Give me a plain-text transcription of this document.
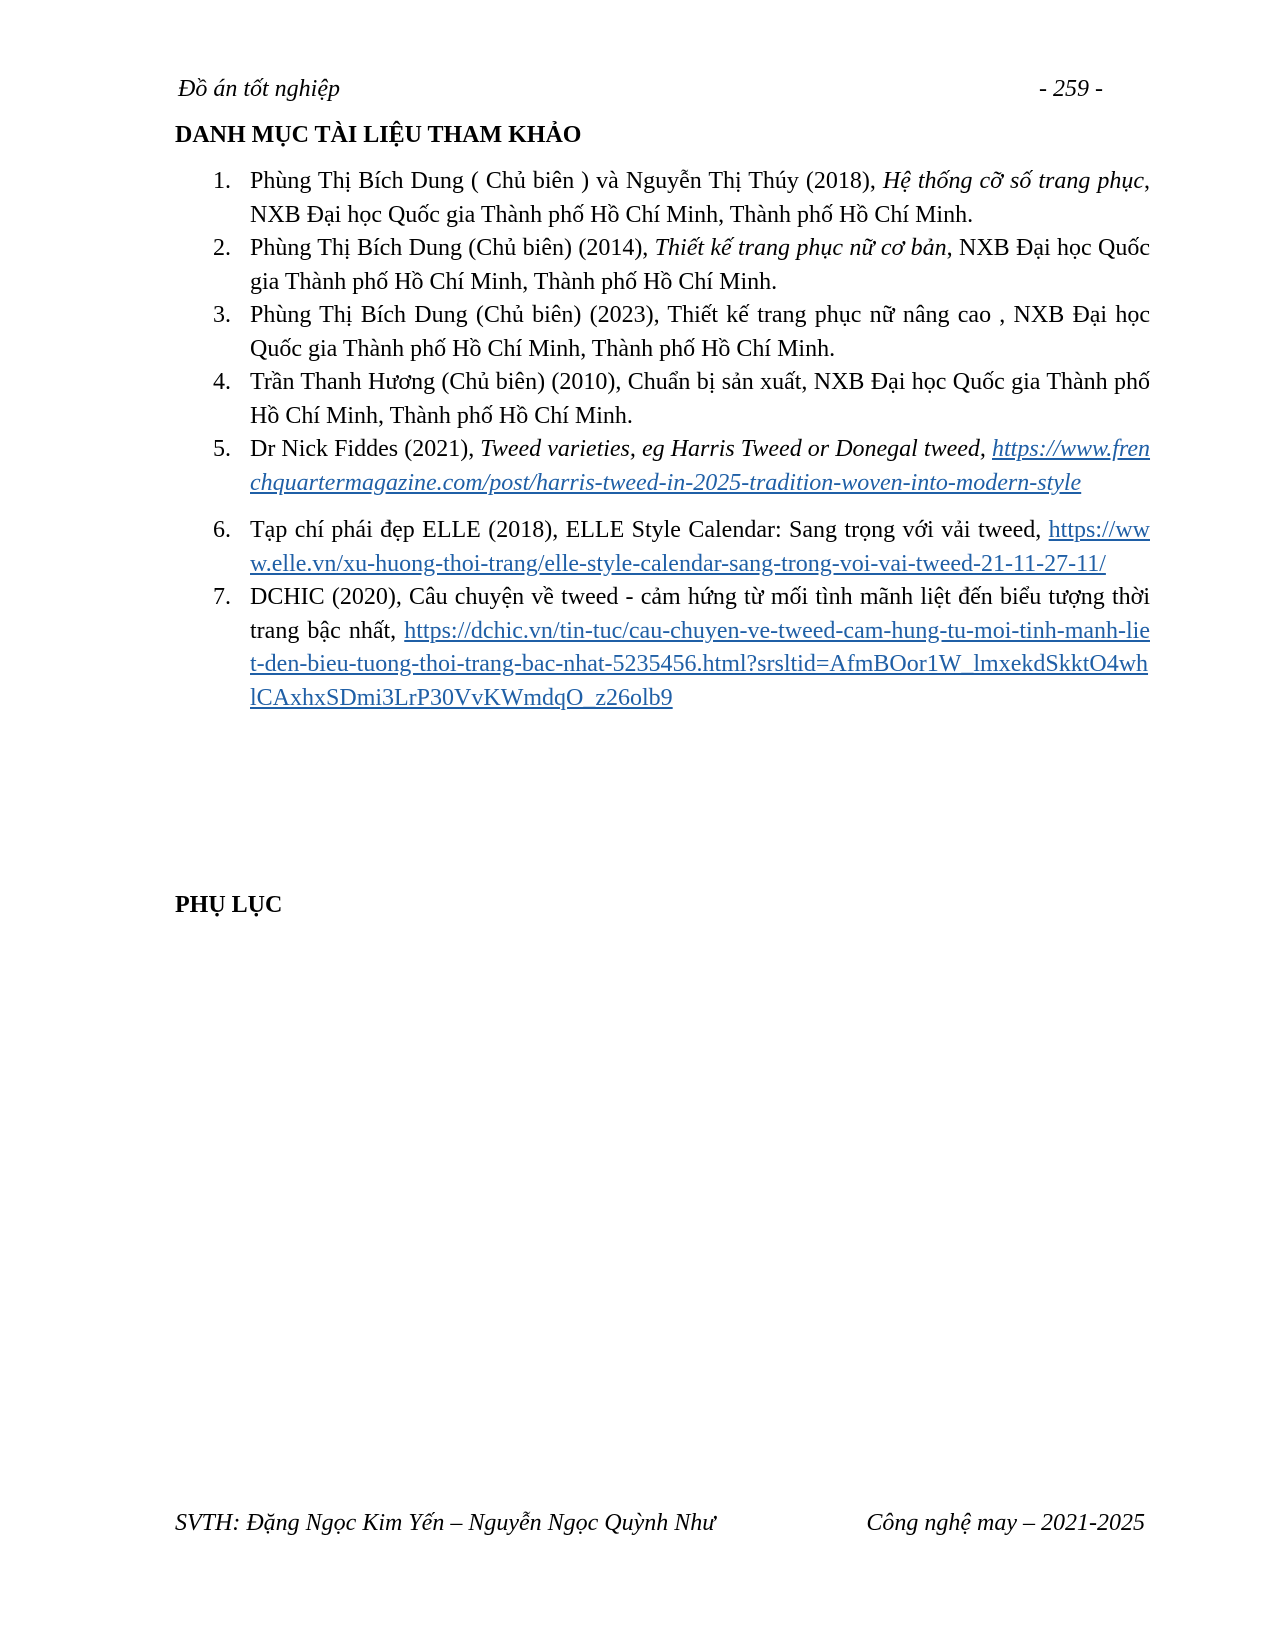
Đồ án tốt nghiệp	- 259 -
DANH MỤC TÀI LIỆU THAM KHẢO
1. Phùng Thị Bích Dung ( Chủ biên ) và Nguyễn Thị Thúy (2018), Hệ thống cỡ số trang phục, NXB Đại học Quốc gia Thành phố Hồ Chí Minh, Thành phố Hồ Chí Minh.
2. Phùng Thị Bích Dung (Chủ biên) (2014), Thiết kế trang phục nữ cơ bản, NXB Đại học Quốc gia Thành phố Hồ Chí Minh, Thành phố Hồ Chí Minh.
3. Phùng Thị Bích Dung (Chủ biên) (2023), Thiết kế trang phục nữ nâng cao , NXB Đại học Quốc gia Thành phố Hồ Chí Minh, Thành phố Hồ Chí Minh.
4. Trần Thanh Hương (Chủ biên) (2010), Chuẩn bị sản xuất, NXB Đại học Quốc gia Thành phố Hồ Chí Minh, Thành phố Hồ Chí Minh.
5. Dr Nick Fiddes (2021), Tweed varieties, eg Harris Tweed or Donegal tweed, https://www.frenchquartermagazine.com/post/harris-tweed-in-2025-tradition-woven-into-modern-style
6. Tạp chí phái đẹp ELLE (2018), ELLE Style Calendar: Sang trọng với vải tweed, https://www.elle.vn/xu-huong-thoi-trang/elle-style-calendar-sang-trong-voi-vai-tweed-21-11-27-11/
7. DCHIC (2020), Câu chuyện về tweed - cảm hứng từ mối tình mãnh liệt đến biểu tượng thời trang bậc nhất, https://dchic.vn/tin-tuc/cau-chuyen-ve-tweed-cam-hung-tu-moi-tinh-manh-liet-den-bieu-tuong-thoi-trang-bac-nhat-5235456.html?srsltid=AfmBOor1W_lmxekdSkktO4whlCAxhxSDmi3LrP30VvKWmdqO_z26olb9
PHỤ LỤC
SVTH: Đặng Ngọc Kim Yến – Nguyễn Ngọc Quỳnh Như	Công nghệ may – 2021-2025
